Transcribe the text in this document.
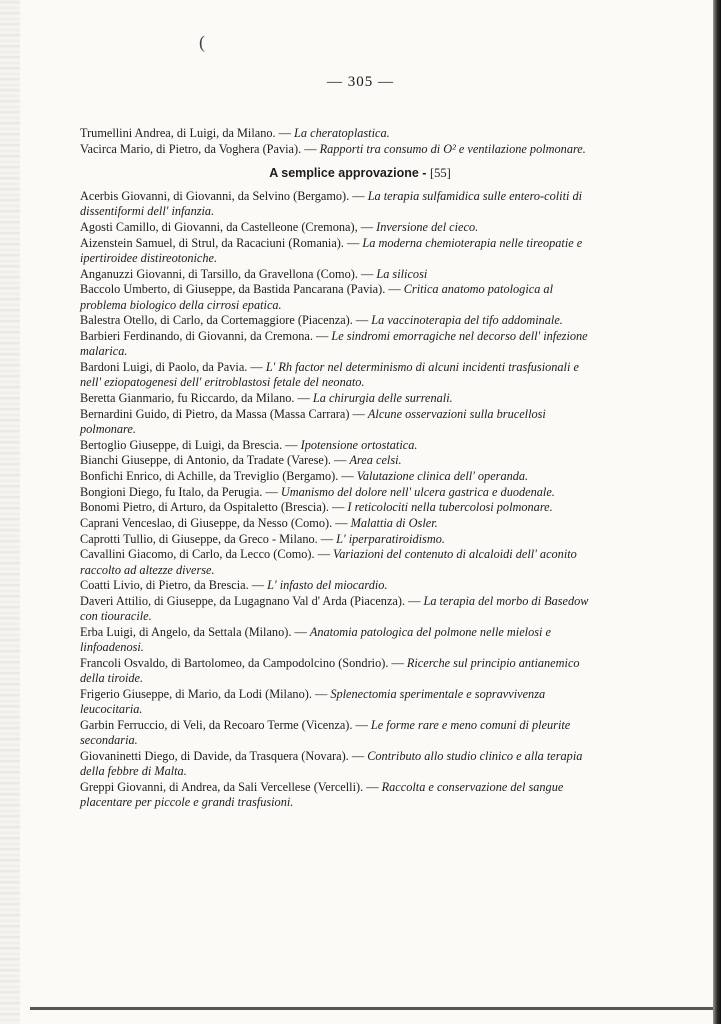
(
— 305 —
Trumellini Andrea, di Luigi, da Milano. — La cheratoplastica.
Vacirca Mario, di Pietro, da Voghera (Pavia). — Rapporti tra consumo di O² e ventilazione polmonare.
A semplice approvazione - [55]
Acerbis Giovanni, di Giovanni, da Selvino (Bergamo). — La terapia sulfamidica sulle entero-coliti di dissentiformi dell' infanzia.
Agosti Camillo, di Giovanni, da Castelleone (Cremona), — Inversione del cieco.
Aizenstein Samuel, di Strul, da Racaciuni (Romania). — La moderna chemioterapia nelle tireopatie e ipertiroidee distireotoniche.
Anganuzzi Giovanni, di Tarsillo, da Gravellona (Como). — La silicosi
Baccolo Umberto, di Giuseppe, da Bastida Pancarana (Pavia). — Critica anatomo patologica al problema biologico della cirrosi epatica.
Balestra Otello, di Carlo, da Cortemaggiore (Piacenza). — La vaccinoterapia del tifo addominale.
Barbieri Ferdinando, di Giovanni, da Cremona. — Le sindromi emorragiche nel decorso dell' infezione malarica.
Bardoni Luigi, di Paolo, da Pavia. — L' Rh factor nel determinismo di alcuni incidenti trasfusionali e nell' eziopatogenesi dell' eritroblastosi fetale del neonato.
Beretta Gianmario, fu Riccardo, da Milano. — La chirurgia delle surrenali.
Bernardini Guido, di Pietro, da Massa (Massa Carrara) — Alcune osservazioni sulla brucellosi polmonare.
Bertoglio Giuseppe, di Luigi, da Brescia. — Ipotensione ortostatica.
Bianchi Giuseppe, di Antonio, da Tradate (Varese). — Area celsi.
Bonfichi Enrico, di Achille, da Treviglio (Bergamo). — Valutazione clinica dell' operanda.
Bongioni Diego, fu Italo, da Perugia. — Umanismo del dolore nell' ulcera gastrica e duodenale.
Bonomi Pietro, di Arturo, da Ospitaletto (Brescia). — I reticolociti nella tubercolosi polmonare.
Caprani Venceslao, di Giuseppe, da Nesso (Como). — Malattia di Osler.
Caprotti Tullio, di Giuseppe, da Greco - Milano. — L' iperparatiroidismo.
Cavallini Giacomo, di Carlo, da Lecco (Como). — Variazioni del contenuto di alcaloidi dell' aconito raccolto ad altezze diverse.
Coatti Livio, di Pietro, da Brescia. — L' infasto del miocardio.
Daveri Attilio, di Giuseppe, da Lugagnano Val d' Arda (Piacenza). — La terapia del morbo di Basedow con tiouracile.
Erba Luigi, di Angelo, da Settala (Milano). — Anatomia patologica del polmone nelle mielosi e linfoadenosi.
Francoli Osvaldo, di Bartolomeo, da Campodolcino (Sondrio). — Ricerche sul principio antianemico della tiroide.
Frigerio Giuseppe, di Mario, da Lodi (Milano). — Splenectomia sperimentale e sopravvivenza leucocitaria.
Garbin Ferruccio, di Veli, da Recoaro Terme (Vicenza). — Le forme rare e meno comuni di pleurite secondaria.
Giovaninetti Diego, di Davide, da Trasquera (Novara). — Contributo allo studio clinico e alla terapia della febbre di Malta.
Greppi Giovanni, di Andrea, da Sali Vercellese (Vercelli). — Raccolta e conservazione del sangue placentare per piccole e grandi trasfusioni.
